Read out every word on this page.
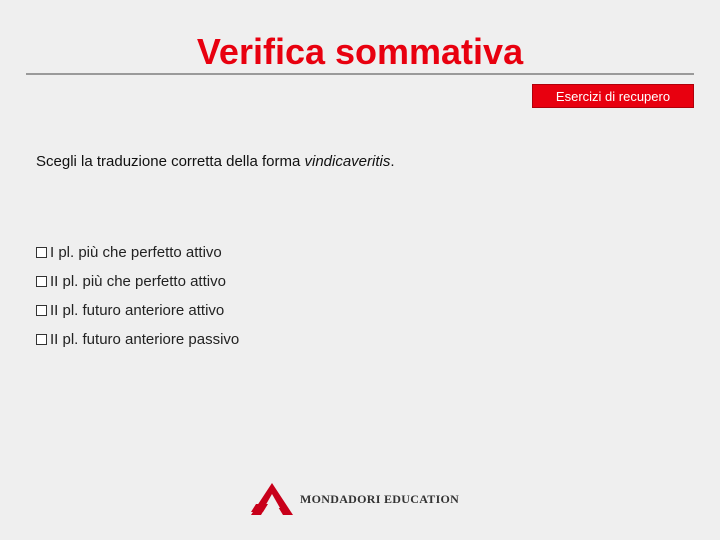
Verifica sommativa
Esercizi di recupero
Scegli la traduzione corretta della forma vindicaveritis.
I pl. più che perfetto attivo
II pl. più che perfetto attivo
II pl. futuro anteriore attivo
II pl. futuro anteriore passivo
MONDADORI EDUCATION
